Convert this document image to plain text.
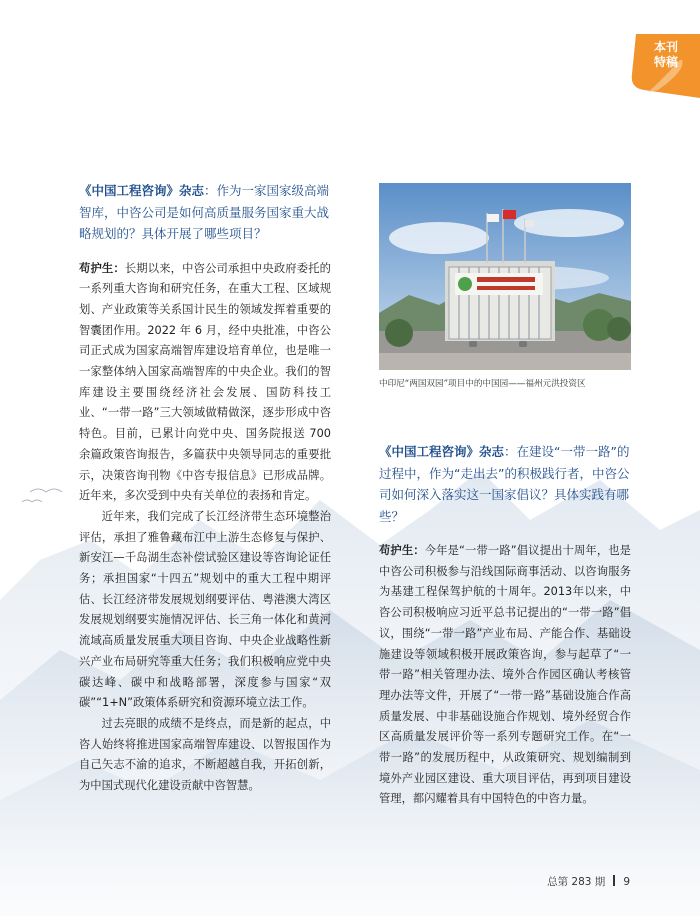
本刊
特稿

《中国工程咨询》杂志：作为一家国家级高端智库，中咨公司是如何高质量服务国家重大战略规划的？具体开展了哪些项目？

苟护生：长期以来，中咨公司承担中央政府委托的一系列重大咨询和研究任务，在重大工程、区域规划、产业政策等关系国计民生的领域发挥着重要的智囊团作用。2022 年 6 月，经中央批准，中咨公司正式成为国家高端智库建设培育单位，也是唯一一家整体纳入国家高端智库的中央企业。我们的智库建设主要围绕经济社会发展、国防科技工业、“一带一路”三大领域做精做深，逐步形成中咨特色。目前，已累计向党中央、国务院报送 700 余篇政策咨询报告，多篇获中央领导同志的重要批示，决策咨询刊物《中咨专报信息》已形成品牌。近年来，多次受到中央有关单位的表扬和肯定。

近年来，我们完成了长江经济带生态环境整治评估，承担了雅鲁藏布江中上游生态修复与保护、新安江—千岛湖生态补偿试验区建设等咨询论证任务；承担国家“十四五”规划中的重大工程中期评估、长江经济带发展规划纲要评估、粤港澳大湾区发展规划纲要实施情况评估、长三角一体化和黄河流域高质量发展重大项目咨询、中央企业战略性新兴产业布局研究等重大任务；我们积极响应党中央碳达峰、碳中和战略部署，深度参与国家“双碳”“1+N”政策体系研究和资源环境立法工作。

过去亮眼的成绩不是终点，而是新的起点，中咨人始终将推进国家高端智库建设、以智报国作为自己矢志不渝的追求，不断超越自我，开拓创新，为中国式现代化建设贡献中咨智慧。

中印尼“两国双园”项目中的中国园——福州元洪投资区

《中国工程咨询》杂志：在建设“一带一路”的过程中，作为“走出去”的积极践行者，中咨公司如何深入落实这一国家倡议？具体实践有哪些？

苟护生：今年是“一带一路”倡议提出十周年，也是中咨公司积极参与沿线国际商事活动、以咨询服务为基建工程保驾护航的十周年。2013年以来，中咨公司积极响应习近平总书记提出的“一带一路”倡议，围绕“一带一路”产业布局、产能合作、基础设施建设等领域积极开展政策咨询，参与起草了“一带一路”相关管理办法、境外合作园区确认考核管理办法等文件，开展了“一带一路”基础设施合作高质量发展、中非基础设施合作规划、境外经贸合作区高质量发展评价等一系列专题研究工作。在“一带一路”的发展历程中，从政策研究、规划编制到境外产业园区建设、重大项目评估，再到项目建设管理，都闪耀着具有中国特色的中咨力量。

总第 283 期 9
